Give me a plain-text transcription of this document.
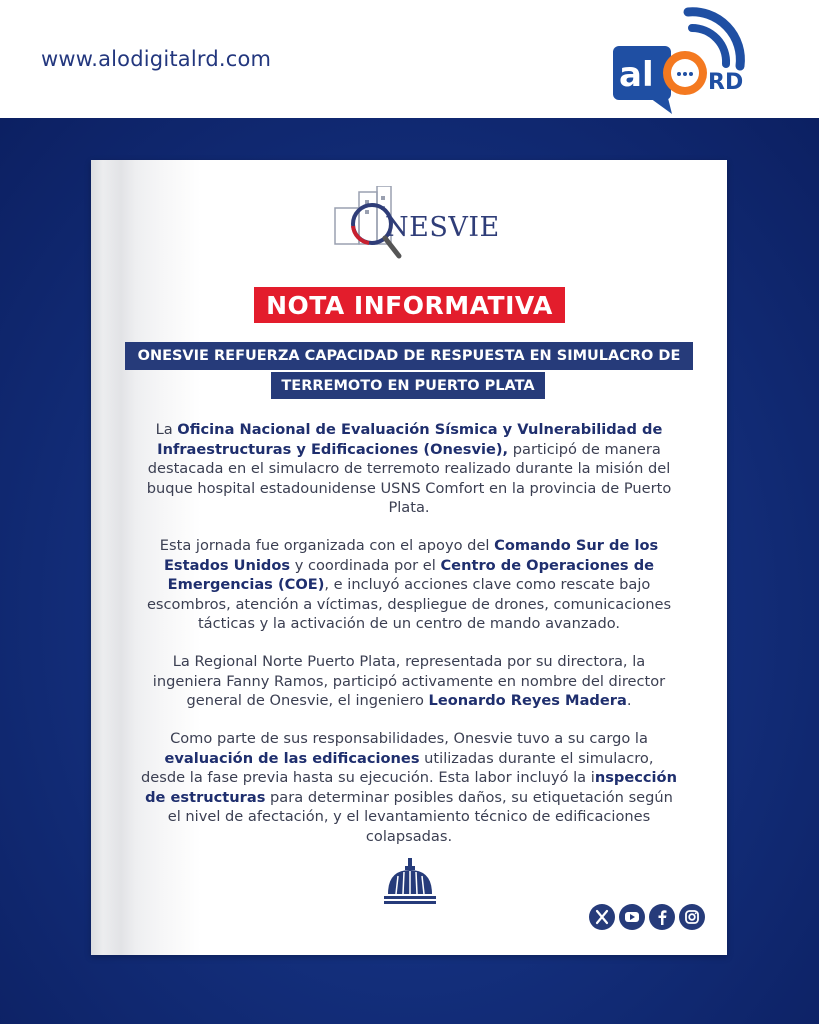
www.alodigitalrd.com	al RD
NESVIE
NOTA INFORMATIVA
ONESVIE REFUERZA CAPACIDAD DE RESPUESTA EN SIMULACRO DE
TERREMOTO EN PUERTO PLATA
La Oficina Nacional de Evaluación Sísmica y Vulnerabilidad de Infraestructuras y Edificaciones (Onesvie), participó de manera destacada en el simulacro de terremoto realizado durante la misión del buque hospital estadounidense USNS Comfort en la provincia de Puerto Plata.
Esta jornada fue organizada con el apoyo del Comando Sur de los Estados Unidos y coordinada por el Centro de Operaciones de Emergencias (COE), e incluyó acciones clave como rescate bajo escombros, atención a víctimas, despliegue de drones, comunicaciones tácticas y la activación de un centro de mando avanzado.
La Regional Norte Puerto Plata, representada por su directora, la ingeniera Fanny Ramos, participó activamente en nombre del director general de Onesvie, el ingeniero Leonardo Reyes Madera.
Como parte de sus responsabilidades, Onesvie tuvo a su cargo la evaluación de las edificaciones utilizadas durante el simulacro, desde la fase previa hasta su ejecución. Esta labor incluyó la inspección de estructuras para determinar posibles daños, su etiquetación según el nivel de afectación, y el levantamiento técnico de edificaciones colapsadas.
